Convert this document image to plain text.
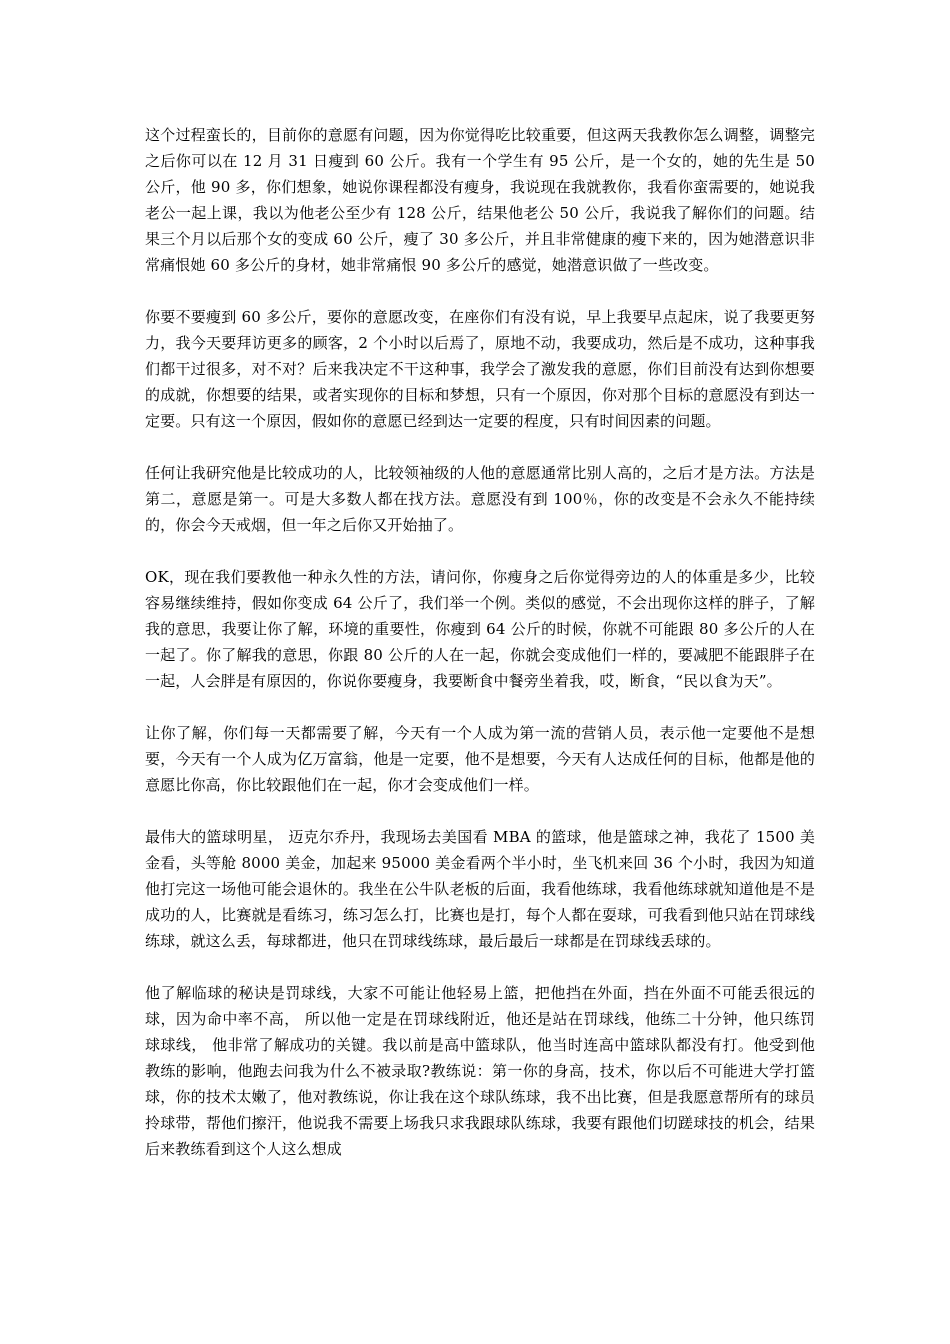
这个过程蛮长的，目前你的意愿有问题，因为你觉得吃比较重要，但这两天我教你怎么调整，调整完之后你可以在 12 月 31 日瘦到 60 公斤。我有一个学生有 95 公斤，是一个女的，她的先生是 50 公斤，他 90 多，你们想象，她说你课程都没有瘦身，我说现在我就教你，我看你蛮需要的，她说我老公一起上课，我以为他老公至少有 128 公斤，结果他老公 50 公斤，我说我了解你们的问题。结果三个月以后那个女的变成 60 公斤，瘦了 30 多公斤，并且非常健康的瘦下来的，因为她潜意识非常痛恨她 60 多公斤的身材，她非常痛恨 90 多公斤的感觉，她潜意识做了一些改变。

你要不要瘦到 60 多公斤，要你的意愿改变，在座你们有没有说，早上我要早点起床，说了我要更努力，我今天要拜访更多的顾客，2 个小时以后焉了，原地不动，我要成功，然后是不成功，这种事我们都干过很多，对不对？后来我决定不干这种事，我学会了激发我的意愿，你们目前没有达到你想要的成就，你想要的结果，或者实现你的目标和梦想，只有一个原因，你对那个目标的意愿没有到达一定要。只有这一个原因，假如你的意愿已经到达一定要的程度，只有时间因素的问题。

任何让我研究他是比较成功的人，比较领袖级的人他的意愿通常比别人高的，之后才是方法。方法是第二，意愿是第一。可是大多数人都在找方法。意愿没有到 100％，你的改变是不会永久不能持续的，你会今天戒烟，但一年之后你又开始抽了。

OK，现在我们要教他一种永久性的方法，请问你，你瘦身之后你觉得旁边的人的体重是多少，比较容易继续维持，假如你变成 64 公斤了，我们举一个例。类似的感觉，不会出现你这样的胖子，了解我的意思，我要让你了解，环境的重要性，你瘦到 64 公斤的时候，你就不可能跟 80 多公斤的人在一起了。你了解我的意思，你跟 80 公斤的人在一起，你就会变成他们一样的，要减肥不能跟胖子在一起，人会胖是有原因的，你说你要瘦身，我要断食中餐旁坐着我，哎，断食，“民以食为天”。

让你了解，你们每一天都需要了解，今天有一个人成为第一流的营销人员，表示他一定要他不是想要，今天有一个人成为亿万富翁，他是一定要，他不是想要，今天有人达成任何的目标，他都是他的意愿比你高，你比较跟他们在一起，你才会变成他们一样。

最伟大的篮球明星， 迈克尔乔丹，我现场去美国看 MBA 的篮球，他是篮球之神，我花了 1500 美金看，头等舱 8000 美金，加起来 95000 美金看两个半小时，坐飞机来回 36 个小时，我因为知道他打完这一场他可能会退休的。我坐在公牛队老板的后面，我看他练球，我看他练球就知道他是不是成功的人，比赛就是看练习，练习怎么打，比赛也是打，每个人都在耍球，可我看到他只站在罚球线练球，就这么丢，每球都进，他只在罚球线练球，最后最后一球都是在罚球线丢球的。

他了解临球的秘诀是罚球线，大家不可能让他轻易上篮，把他挡在外面，挡在外面不可能丢很远的球，因为命中率不高， 所以他一定是在罚球线附近，他还是站在罚球线，他练二十分钟，他只练罚球球线， 他非常了解成功的关键。我以前是高中篮球队，他当时连高中篮球队都没有打。他受到他教练的影响，他跑去问我为什么不被录取?教练说：第一你的身高，技术，你以后不可能进大学打篮球，你的技术太嫩了，他对教练说，你让我在这个球队练球，我不出比赛，但是我愿意帮所有的球员拎球带，帮他们擦汗，他说我不需要上场我只求我跟球队练球，我要有跟他们切蹉球技的机会，结果后来教练看到这个人这么想成
